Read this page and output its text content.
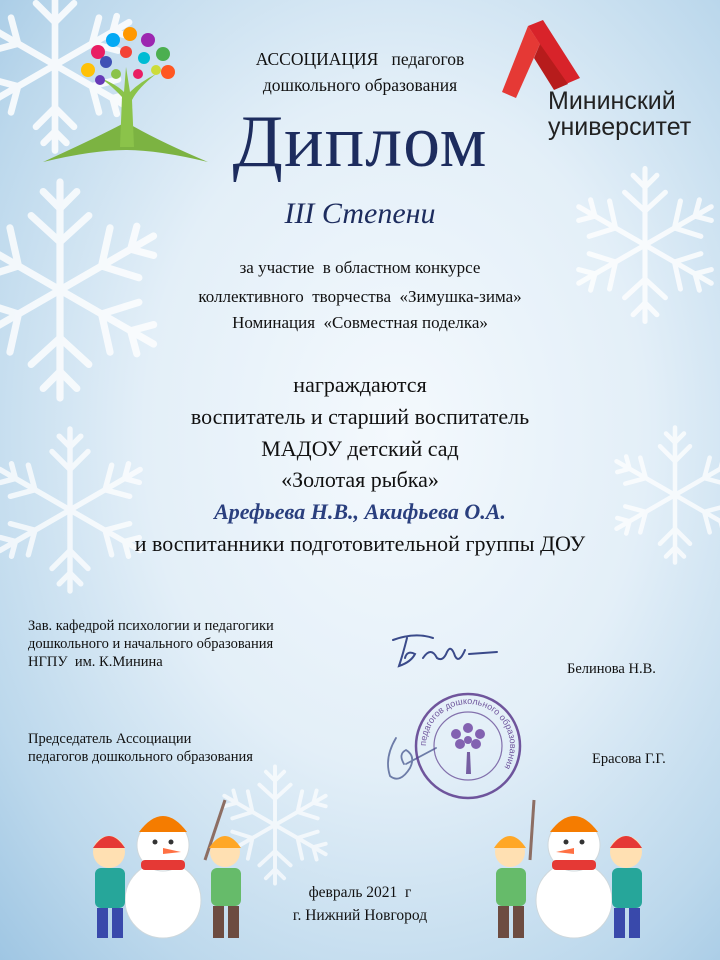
АССОЦИАЦИЯ   педагогов
дошкольного образования
Мининский
университет
Диплом
III Степени
за участие  в областном конкурсе
коллективного  творчества  «Зимушка-зима»
Номинация  «Совместная поделка»
награждаются
воспитатель и старший воспитатель
МАДОУ детский сад
«Золотая рыбка»
Арефьева Н.В., Акифьева О.А.
и воспитанники подготовительной группы ДОУ
Зав. кафедрой психологии и педагогики
дошкольного и начального образования
НГПУ  им. К.Минина	Белинова Н.В.
Председатель Ассоциации
педагогов дошкольного образования
педагогов дошкольного образования	Ерасова Г.Г.
февраль 2021  г
г. Нижний Новгород
